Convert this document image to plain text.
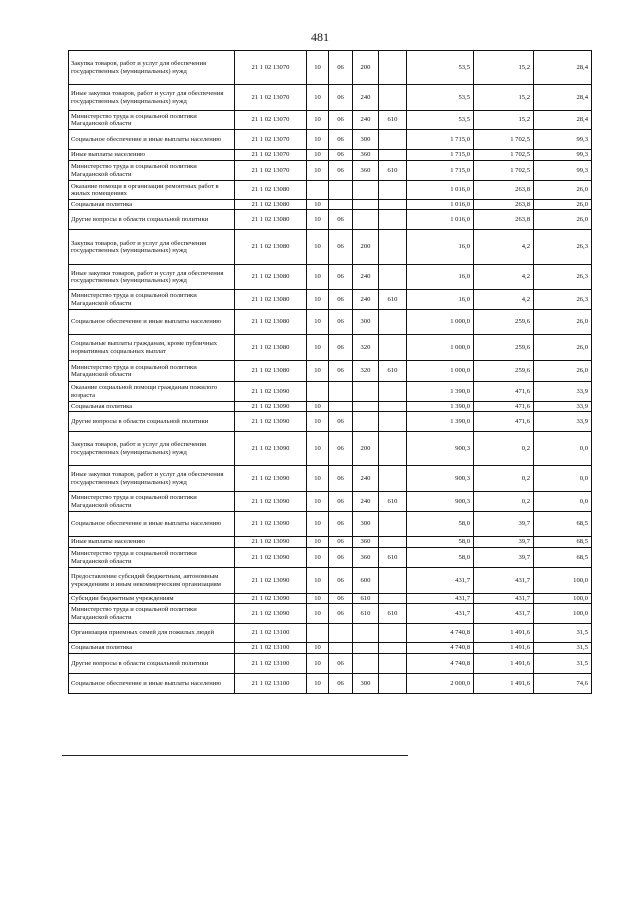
481
Закупка товаров, работ и услуг для обеспечения государственных (муниципальных) нужд	21 1 02 13070	10	06	200		53,5	15,2	28,4
Иные закупки товаров, работ и услуг для обеспечения государственных (муниципальных) нужд	21 1 02 13070	10	06	240		53,5	15,2	28,4
Министерство труда и социальной политики Магаданской области	21 1 02 13070	10	06	240	610	53,5	15,2	28,4
Социальное обеспечение и иные выплаты населению	21 1 02 13070	10	06	300		1 715,0	1 702,5	99,3
Иные выплаты населению	21 1 02 13070	10	06	360		1 715,0	1 702,5	99,3
Министерство труда и социальной политики Магаданской области	21 1 02 13070	10	06	360	610	1 715,0	1 702,5	99,3
Оказание помощи в организации ремонтных работ в жилых помещениях	21 1 02 13080					1 016,0	263,8	26,0
Социальная политика	21 1 02 13080	10				1 016,0	263,8	26,0
Другие вопросы в области социальной политики	21 1 02 13080	10	06			1 016,0	263,8	26,0
Закупка товаров, работ и услуг для обеспечения государственных (муниципальных) нужд	21 1 02 13080	10	06	200		16,0	4,2	26,3
Иные закупки товаров, работ и услуг для обеспечения государственных (муниципальных) нужд	21 1 02 13080	10	06	240		16,0	4,2	26,3
Министерство труда и социальной политики Магаданской области	21 1 02 13080	10	06	240	610	16,0	4,2	26,3
Социальное обеспечение и иные выплаты населению	21 1 02 13080	10	06	300		1 000,0	259,6	26,0
Социальные выплаты гражданам, кроме публичных нормативных социальных выплат	21 1 02 13080	10	06	320		1 000,0	259,6	26,0
Министерство труда и социальной политики Магаданской области	21 1 02 13080	10	06	320	610	1 000,0	259,6	26,0
Оказание социальной помощи гражданам пожилого возраста	21 1 02 13090					1 390,0	471,6	33,9
Социальная политика	21 1 02 13090	10				1 390,0	471,6	33,9
Другие вопросы в области социальной политики	21 1 02 13090	10	06			1 390,0	471,6	33,9
Закупка товаров, работ и услуг для обеспечения государственных (муниципальных) нужд	21 1 02 13090	10	06	200		900,3	0,2	0,0
Иные закупки товаров, работ и услуг для обеспечения государственных (муниципальных) нужд	21 1 02 13090	10	06	240		900,3	0,2	0,0
Министерство труда и социальной политики Магаданской области	21 1 02 13090	10	06	240	610	900,3	0,2	0,0
Социальное обеспечение и иные выплаты населению	21 1 02 13090	10	06	300		58,0	39,7	68,5
Иные выплаты населению	21 1 02 13090	10	06	360		58,0	39,7	68,5
Министерство труда и социальной политики Магаданской области	21 1 02 13090	10	06	360	610	58,0	39,7	68,5
Предоставление субсидий бюджетным, автономным учреждениям и иным некоммерческим организациям	21 1 02 13090	10	06	600		431,7	431,7	100,0
Субсидии бюджетным учреждениям	21 1 02 13090	10	06	610		431,7	431,7	100,0
Министерство труда и социальной политики Магаданской области	21 1 02 13090	10	06	610	610	431,7	431,7	100,0
Организация приемных семей для пожилых людей	21 1 02 13100					4 740,8	1 491,6	31,5
Социальная политика	21 1 02 13100	10				4 740,8	1 491,6	31,5
Другие вопросы в области социальной политики	21 1 02 13100	10	06			4 740,8	1 491,6	31,5
Социальное обеспечение и иные выплаты населению	21 1 02 13100	10	06	300		2 000,0	1 491,6	74,6
